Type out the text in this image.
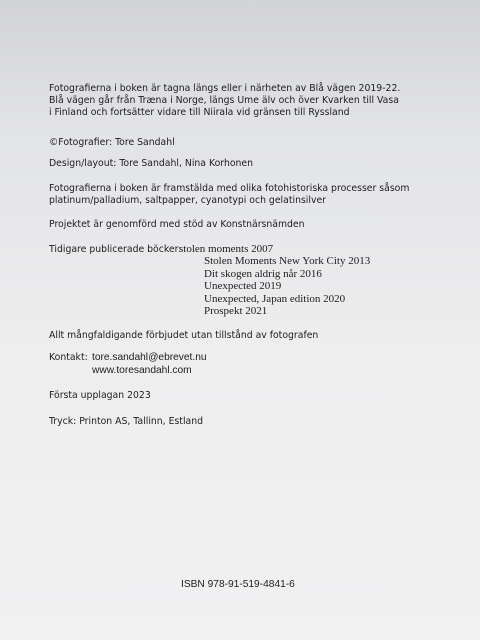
Fotografierna i boken är tagna längs eller i närheten av Blå vägen 2019-22.
Blå vägen går från Træna i Norge, längs Ume älv och över Kvarken till Vasa
i Finland och fortsätter vidare till Niirala vid gränsen till Ryssland
©Fotografier: Tore Sandahl
Design/layout: Tore Sandahl, Nina Korhonen
Fotografierna i boken är framstälda med olika fotohistoriska processer såsom
platinum/palladium, saltpapper, cyanotypi och gelatinsilver
Projektet är genomförd med stöd av Konstnärsnämden
Tidigare publicerade böcker:
stolen moments 2007
Stolen Moments New York City 2013
Dit skogen aldrig når 2016
Unexpected 2019
Unexpected, Japan edition 2020
Prospekt 2021
Allt mångfaldigande förbjudet utan tillstånd av fotografen
Kontakt: tore.sandahl@ebrevet.nu
www.toresandahl.com
Första upplagan 2023
Tryck: Printon AS, Tallinn, Estland
ISBN 978-91-519-4841-6
